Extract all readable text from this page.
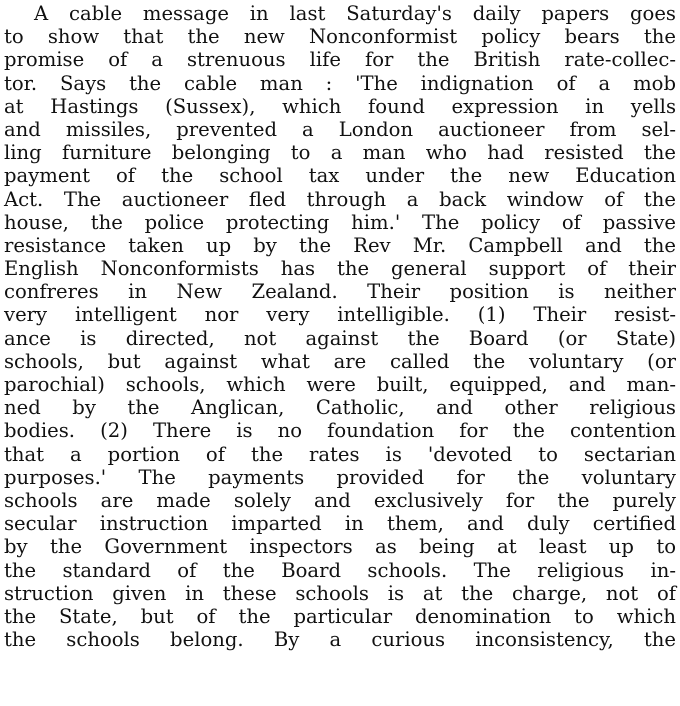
A cable message in last Saturday's daily papers goes
to show that the new Nonconformist policy bears the
promise of a strenuous life for the British rate-collec-
tor. Says the cable man : 'The indignation of a mob
at Hastings (Sussex), which found expression in yells
and missiles, prevented a London auctioneer from sel-
ling furniture belonging to a man who had resisted the
payment of the school tax under the new Education
Act. The auctioneer fled through a back window of the
house, the police protecting him.' The policy of passive
resistance taken up by the Rev Mr. Campbell and the
English Nonconformists has the general support of their
confreres in New Zealand. Their position is neither
very intelligent nor very intelligible. (1) Their resist-
ance is directed, not against the Board (or State)
schools, but against what are called the voluntary (or
parochial) schools, which were built, equipped, and man-
ned by the Anglican, Catholic, and other religious
bodies. (2) There is no foundation for the contention
that a portion of the rates is 'devoted to sectarian
purposes.' The payments provided for the voluntary
schools are made solely and exclusively for the purely
secular instruction imparted in them, and duly certified
by the Government inspectors as being at least up to
the standard of the Board schools. The religious in-
struction given in these schools is at the charge, not of
the State, but of the particular denomination to which
the schools belong. By a curious inconsistency, the
